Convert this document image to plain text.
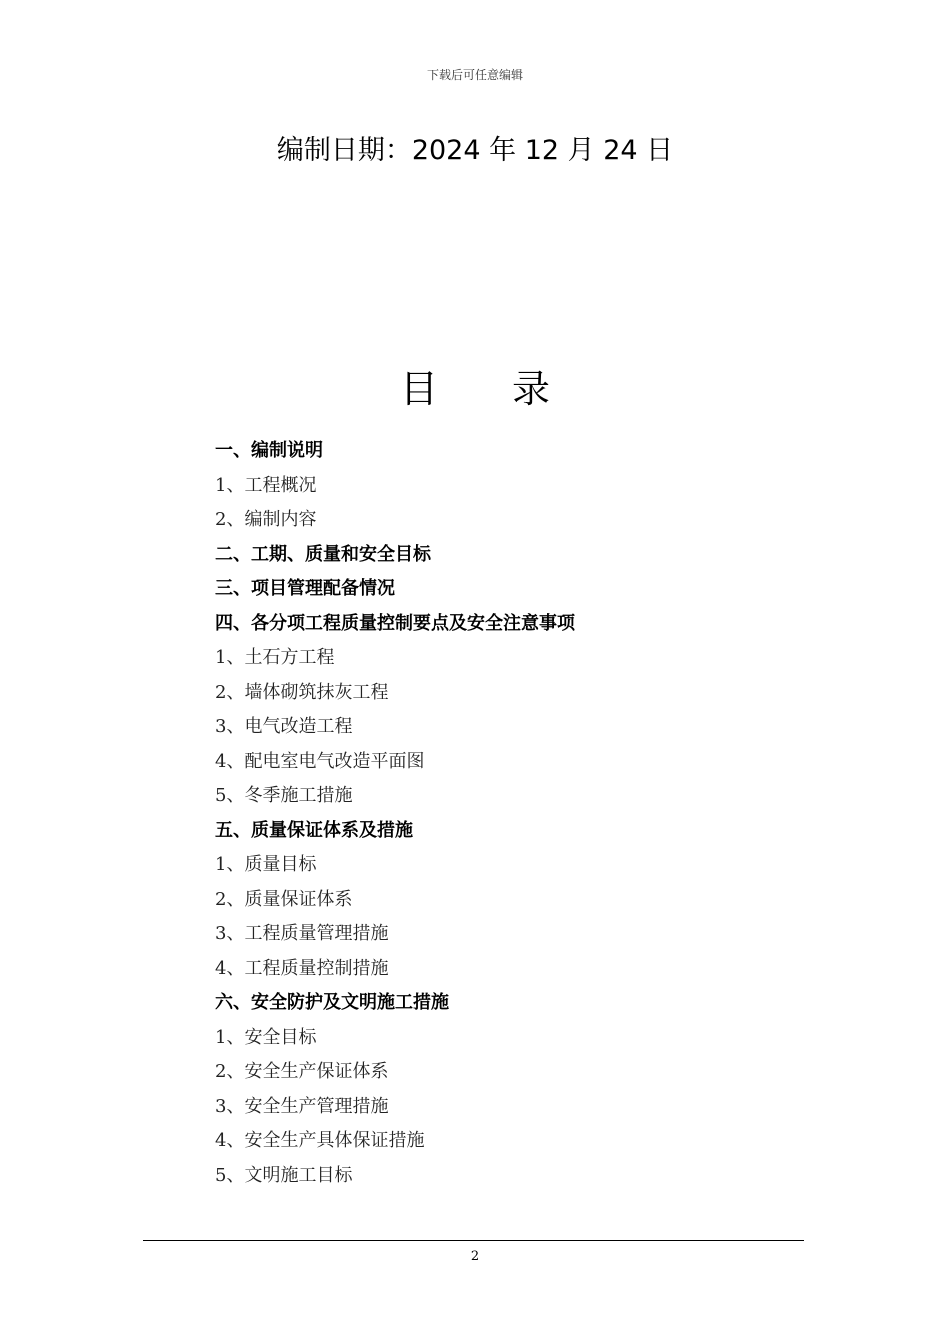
下载后可任意编辑
编制日期：2024 年 12 月 24 日
目 录
一、编制说明
1、工程概况
2、编制内容
二、工期、质量和安全目标
三、项目管理配备情况
四、各分项工程质量控制要点及安全注意事项
1、土石方工程
2、墙体砌筑抹灰工程
3、电气改造工程
4、配电室电气改造平面图
5、冬季施工措施
五、质量保证体系及措施
1、质量目标
2、质量保证体系
3、工程质量管理措施
4、工程质量控制措施
六、安全防护及文明施工措施
1、安全目标
2、安全生产保证体系
3、安全生产管理措施
4、安全生产具体保证措施
5、文明施工目标
2
